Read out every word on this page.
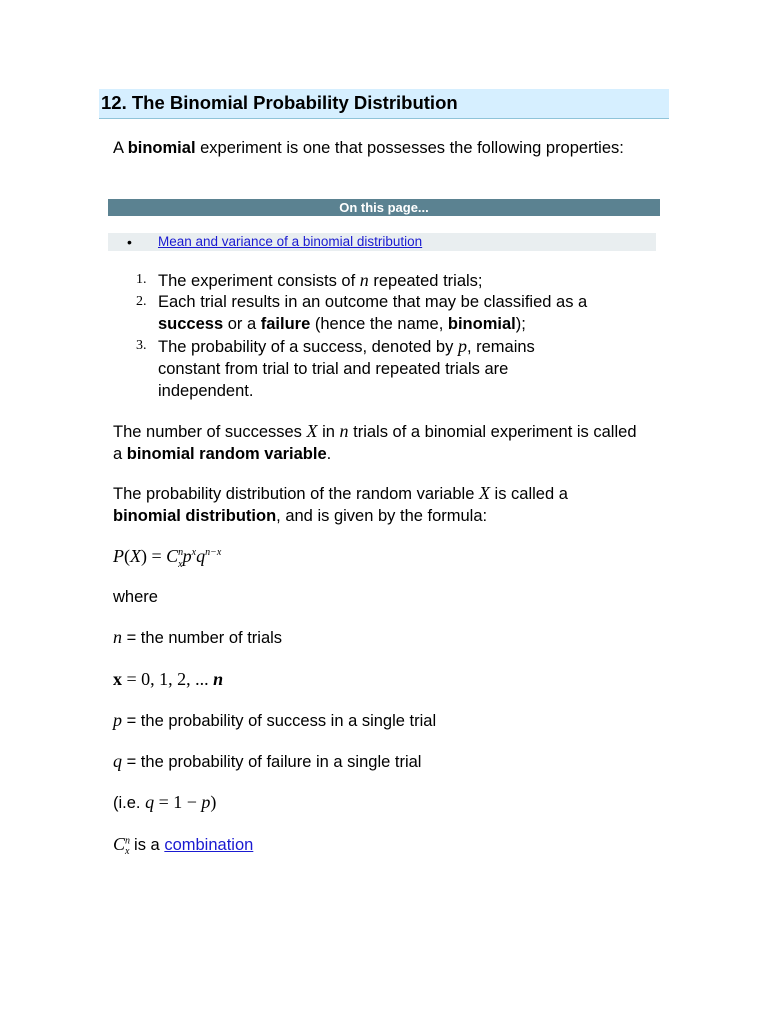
12. The Binomial Probability Distribution
A binomial experiment is one that possesses the following properties:
On this page...
• Mean and variance of a binomial distribution
1. The experiment consists of n repeated trials;
2. Each trial results in an outcome that may be classified as a success or a failure (hence the name, binomial);
3. The probability of a success, denoted by p, remains constant from trial to trial and repeated trials are independent.
The number of successes X in n trials of a binomial experiment is called a binomial random variable.
The probability distribution of the random variable X is called a binomial distribution, and is given by the formula:
$P(X) = C^n_xp^xq^{n-x}$
where
n = the number of trials
x = 0, 1, 2, ... n
p = the probability of success in a single trial
q = the probability of failure in a single trial
(i.e. q = 1 − p)
$C^n_x$ is a combination
